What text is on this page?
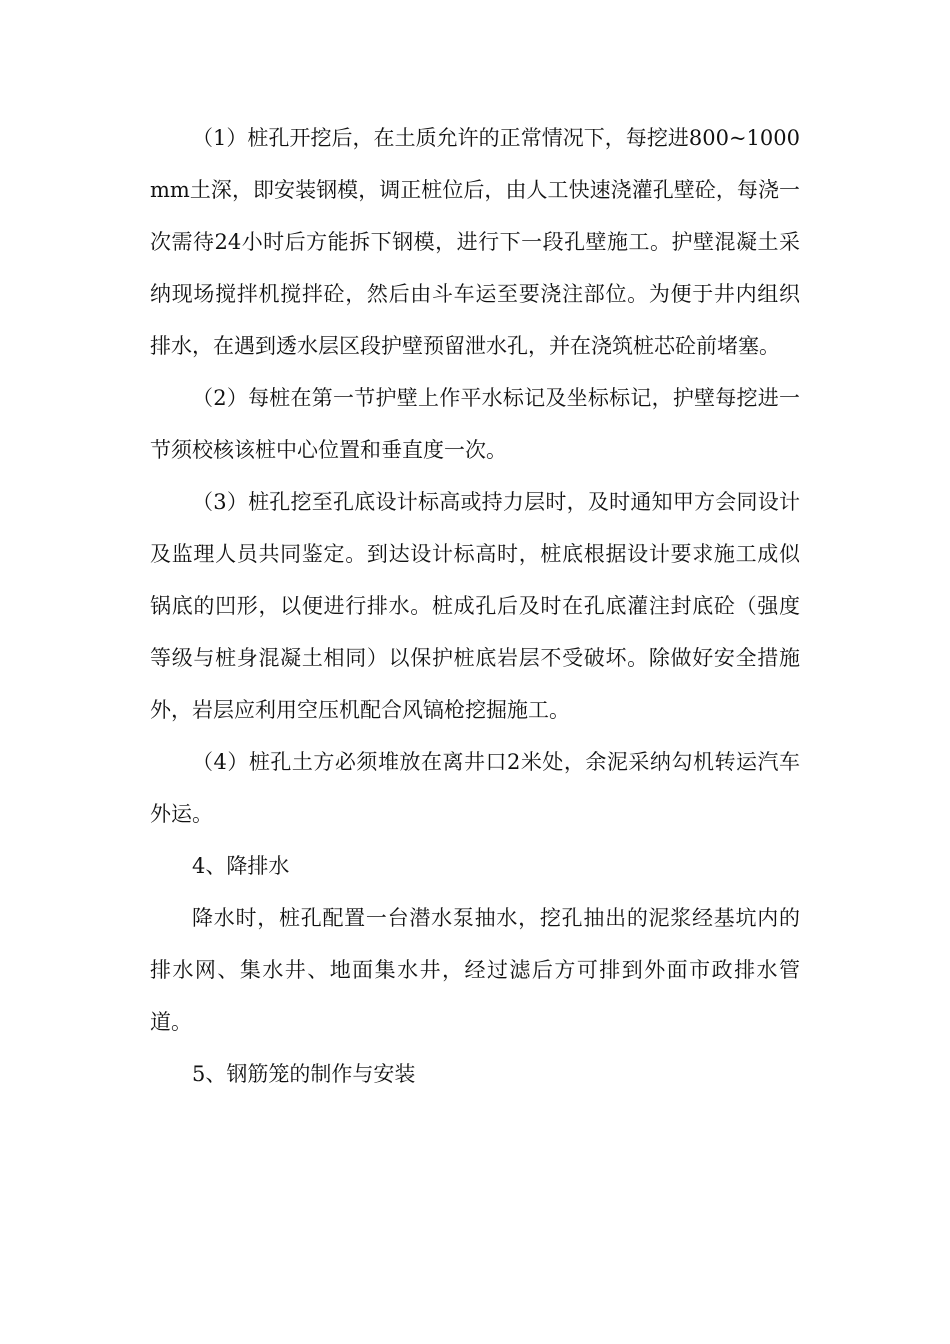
（1）桩孔开挖后，在土质允许的正常情况下，每挖进800~1000mm土深，即安装钢模，调正桩位后，由人工快速浇灌孔壁砼，每浇一次需待24小时后方能拆下钢模，进行下一段孔壁施工。护壁混凝土采纳现场搅拌机搅拌砼，然后由斗车运至要浇注部位。为便于井内组织排水，在遇到透水层区段护壁预留泄水孔，并在浇筑桩芯砼前堵塞。

（2）每桩在第一节护壁上作平水标记及坐标标记，护壁每挖进一节须校核该桩中心位置和垂直度一次。

（3）桩孔挖至孔底设计标高或持力层时，及时通知甲方会同设计及监理人员共同鉴定。到达设计标高时，桩底根据设计要求施工成似锅底的凹形，以便进行排水。桩成孔后及时在孔底灌注封底砼（强度等级与桩身混凝土相同）以保护桩底岩层不受破坏。除做好安全措施外，岩层应利用空压机配合风镐枪挖掘施工。

（4）桩孔土方必须堆放在离井口2米处，余泥采纳勾机转运汽车外运。

4、降排水

降水时，桩孔配置一台潜水泵抽水，挖孔抽出的泥浆经基坑内的排水网、集水井、地面集水井，经过滤后方可排到外面市政排水管道。

5、钢筋笼的制作与安装
